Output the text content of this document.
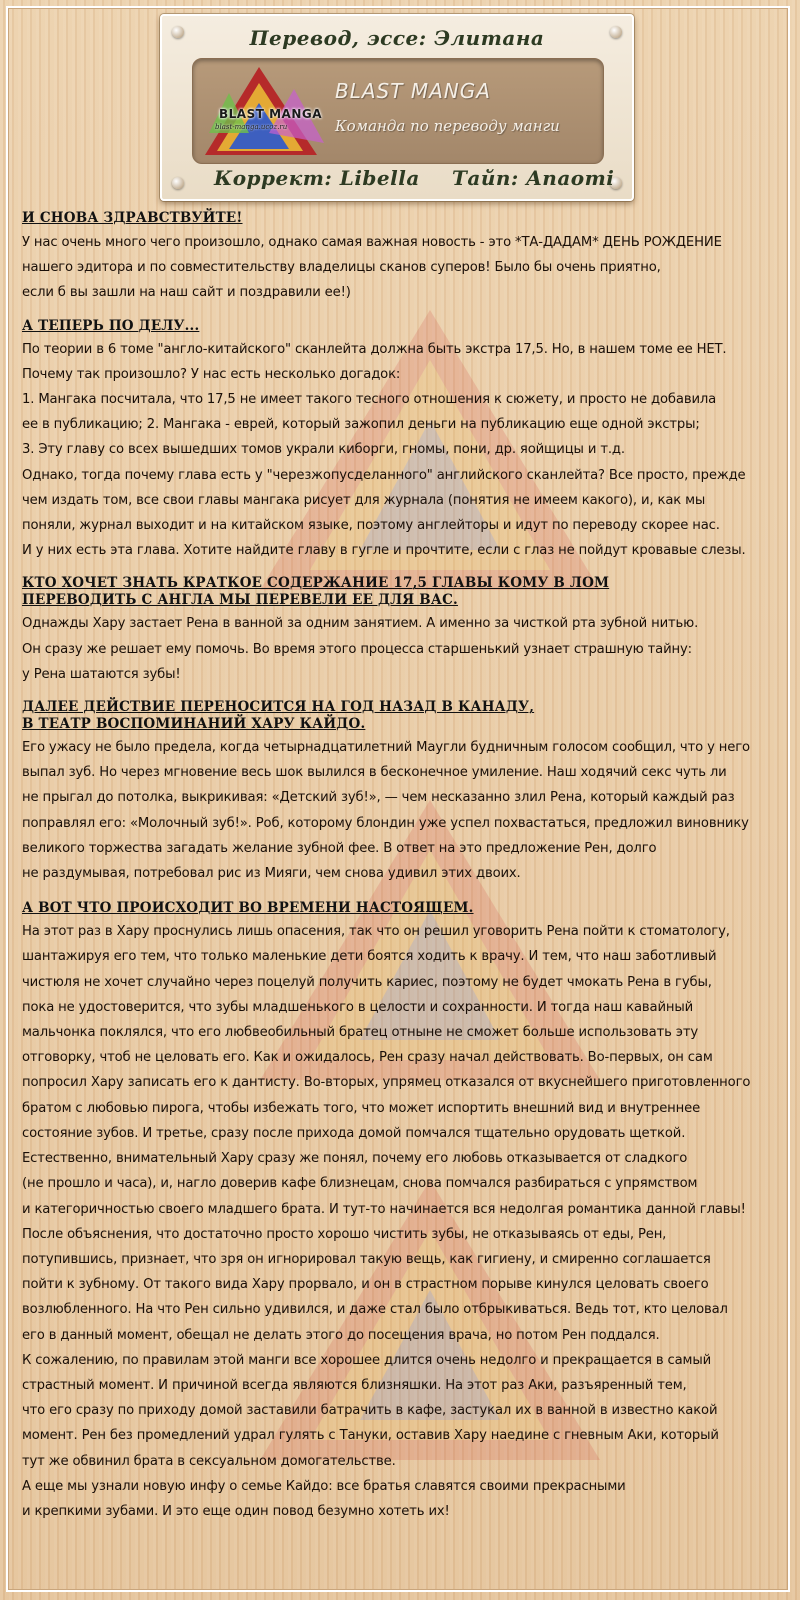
Перевод, эссе: Элитана
BLAST MANGA
blast-manga.ucoz.ru
BLAST MANGA
Команда по переводу манги
Коррект: Libella Тайп: Anaomi
И СНОВА ЗДРАВСТВУЙТЕ!
У нас очень много чего произошло, однако самая важная новость - это *ТА-ДАДАМ* ДЕНЬ РОЖДЕНИЕ
нашего эдитора и по совместительству владелицы сканов суперов! Было бы очень приятно,
если б вы зашли на наш сайт и поздравили ее!)
А ТЕПЕРЬ ПО ДЕЛУ...
По теории в 6 томе "англо-китайского" сканлейта должна быть экстра 17,5. Но, в нашем томе ее НЕТ.
Почему так произошло? У нас есть несколько догадок:
1. Мангака посчитала, что 17,5 не имеет такого тесного отношения к сюжету, и просто не добавила
ее в публикацию; 2. Мангака - еврей, который зажопил деньги на публикацию еще одной экстры;
3. Эту главу со всех вышедших томов украли киборги, гномы, пони, др. яойщицы и т.д.
Однако, тогда почему глава есть у "черезжопуcделанного" английского сканлейта? Все просто, прежде
чем издать том, все свои главы мангака рисует для журнала (понятия не имеем какого), и, как мы
поняли, журнал выходит и на китайском языке, поэтому англейторы и идут по переводу скорее нас.
И у них есть эта глава. Хотите найдите главу в гугле и прочтите, если с глаз не пойдут кровавые слезы.
КТО ХОЧЕТ ЗНАТЬ КРАТКОЕ СОДЕРЖАНИЕ 17,5 ГЛАВЫ КОМУ В ЛОМ
ПЕРЕВОДИТЬ С АНГЛА МЫ ПЕРЕВЕЛИ ЕЕ ДЛЯ ВАС.
Однажды Хару застает Рена в ванной за одним занятием. А именно за чисткой рта зубной нитью.
Он сразу же решает ему помочь. Во время этого процесса старшенький узнает страшную тайну:
у Рена шатаются зубы!
ДАЛЕЕ ДЕЙСТВИЕ ПЕРЕНОСИТСЯ НА ГОД НАЗАД В КАНАДУ,
В ТЕАТР ВОСПОМИНАНИЙ ХАРУ КАЙДО.
Его ужасу не было предела, когда четырнадцатилетний Маугли будничным голосом сообщил, что у него
выпал зуб. Но через мгновение весь шок вылился в бесконечное умиление. Наш ходячий секс чуть ли
не прыгал до потолка, выкрикивая: «Детский зуб!», — чем несказанно злил Рена, который каждый раз
поправлял его: «Молочный зуб!». Роб, которому блондин уже успел похвастаться, предложил виновнику
великого торжества загадать желание зубной фее. В ответ на это предложение Рен, долго
не раздумывая, потребовал рис из Мияги, чем снова удивил этих двоих.
А ВОТ ЧТО ПРОИСХОДИТ ВО ВРЕМЕНИ НАСТОЯЩЕМ.
На этот раз в Хару проснулись лишь опасения, так что он решил уговорить Рена пойти к стоматологу,
шантажируя его тем, что только маленькие дети боятся ходить к врачу. И тем, что наш заботливый
чистюля не хочет случайно через поцелуй получить кариес, поэтому не будет чмокать Рена в губы,
пока не удостоверится, что зубы младшенького в целости и сохранности. И тогда наш кавайный
мальчонка поклялся, что его любвеобильный братец отныне не сможет больше использовать эту
отговорку, чтоб не целовать его. Как и ожидалось, Рен сразу начал действовать. Во-первых, он сам
попросил Хару записать его к дантисту. Во-вторых, упрямец отказался от вкуснейшего приготовленного
братом с любовью пирога, чтобы избежать того, что может испортить внешний вид и внутреннее
состояние зубов. И третье, сразу после прихода домой помчался тщательно орудовать щеткой.
Естественно, внимательный Хару сразу же понял, почему его любовь отказывается от сладкого
(не прошло и часа), и, нагло доверив кафе близнецам, снова помчался разбираться с упрямством
и категоричностью своего младшего брата. И тут-то начинается вся недолгая романтика данной главы!
После объяснения, что достаточно просто хорошо чистить зубы, не отказываясь от еды, Рен,
потупившись, признает, что зря он игнорировал такую вещь, как гигиену, и смиренно соглашается
пойти к зубному. От такого вида Хару прорвало, и он в страстном порыве кинулся целовать своего
возлюбленного. На что Рен сильно удивился, и даже стал было отбрыкиваться. Ведь тот, кто целовал
его в данный момент, обещал не делать этого до посещения врача, но потом Рен поддался.
К сожалению, по правилам этой манги все хорошее длится очень недолго и прекращается в самый
страстный момент. И причиной всегда являются близняшки. На этот раз Аки, разъяренный тем,
что его сразу по приходу домой заставили батрачить в кафе, застукал их в ванной в известно какой
момент. Рен без промедлений удрал гулять с Тануки, оставив Хару наедине с гневным Аки, который
тут же обвинил брата в сексуальном домогательстве.
А еще мы узнали новую инфу о семье Кайдо: все братья славятся своими прекрасными
и крепкими зубами. И это еще один повод безумно хотеть их!
